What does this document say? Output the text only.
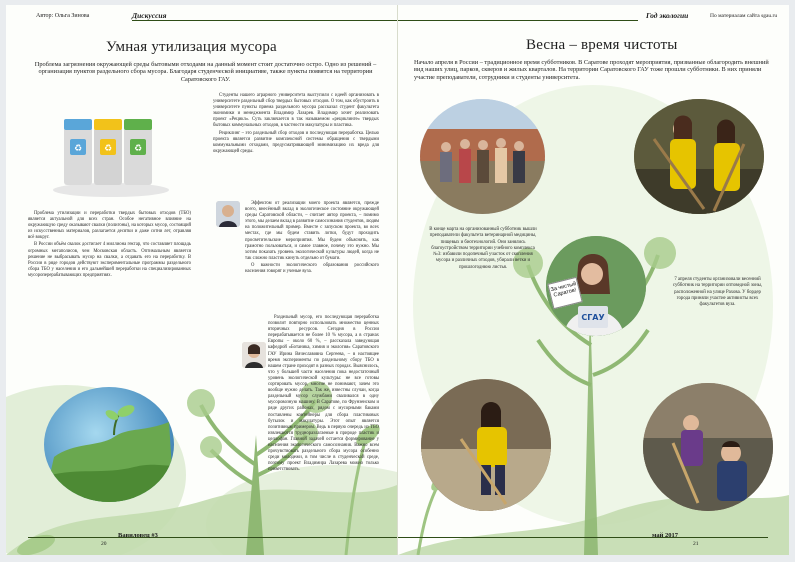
Автор: Ольга Зинова	Дискуссия
Умная утилизация мусора
Проблема загрязнения окружающей среды бытовыми отходами на данный момент стоит достаточно остро. Одно из решений – организация пунктов раздельного сбора мусора. Благодаря студенческой инициативе, также пункты появятся на территории Саратовского ГАУ.
♻ ♻ ♻

Проблема утилизации и переработки твердых бытовых отходов (ТБО) является актуальной для всех стран. Особое негативное влияние на окружающую среду оказывают свалки (полигоны), на которых мусор, состоящий из искусственных материалов, разлагается десятки и даже сотни лет, отравляя всё вокруг.

В России объём свалок достигает 4 миллиона гектар, что составляет площадь огромных мегаполисов, чем Московская область. Оптимальным является решение не выбрасывать мусор на свалки, а отдавать его на переработку. В России в ряде городов действуют экспериментальные программы раздельного сбора ТБО у населения и его дальнейшей переработки на специализированных мусороперерабатывающих предприятиях.

Студенты нашего аграрного университета выступили с идеей организовать в университете раздельный сбор твердых бытовых отходов. О том, как обустроить в университете пункты приема раздельного мусора рассказал студент факультета экономики и менеджмента Владимир Лазарев. Владимир хочет реализовать проект «Рецикл». Суть заключается в так называемом «рециклинге» твердых бытовых коммунальных отходов, в частности макулатуры и пластика.

Рециклинг – это раздельный сбор отходов и последующая переработка. Целью проекта является развитие комплексной системы обращения с твердыми коммунальными отходами, предусматривающей минимизацию их вреда для окружающей среды.

Эффектом от реализации моего проекта является, прежде всего, внесённый вклад в экологическое состояние окружающей среды Саратовской области, – считает автор проекта, – помимо этого, мы делаем вклад в развитие самосознания студентов, людям на положительный пример. Вместе с запуском проекта, во всех местах, где мы будем ставить лотки, будут проходить просветительские мероприятия. Мы будем объяснять, как грамотно пользоваться, и самое главное, почему это нужно. Мы хотим показать уровень экологической культуры людей, когда не так сложно пластик кинуть отдельно от бумаги.

О важности экологического образования российского населения говорят и ученые вуза.

Раздельный мусор, его последующая переработка позволит повторно использовать множество ценных вторичных ресурсов. Сегодня в России перерабатывается не более 10 % мусора, а в странах Европы – около 60 %, – рассказала заведующая кафедрой «Ботаника, химия и экология» Саратовского ГАУ Ирина Вячеславовна Сергеева, – в настоящее время эксперименты по раздельному сбору ТБО в нашем стране проходят в разных городах. Выяснилось, что у большей части населения пока недостаточный уровень экологической культуры: не все готовы сортировать мусор, многие не понимают, зачем это вообще нужно делать. Так же, известны случаи, когда раздельный мусор службами сваливался в одну мусоровозную машину. В Саратове, по Фрунзенском и ряде других районах, рядом с мусорными баками поставлены контейнеры для сбора пластиковых бутылок и макулатуры. Этот опыт является позитивным примером. Ведь в первую очередь из ТБО извлекаются трудноразлагаемые в природе пластик и целлофан. Главной задачей остается формирование у населения экологического самосознания. Важно всем прочувствовать раздельного сбора мусора особенно среди молодежи, в том числе в студенческой среде, поэтому проект Владимира Лазарева можно только приветствовать.

Вавиловец #3
20
Год экологии	По материалам сайта sgau.ru
Весна – время чистоты
Начало апреля в России – традиционное время субботников. В Саратове проходят мероприятия, призванные облагородить внешний вид наших улиц, парков, скверов и жилых кварталов. На территории Саратовского ГАУ тоже прошли субботники. В них приняли участие преподаватели, сотрудники и студенты университета.
В конце марта на организованный субботник вышли преподаватели факультета ветеринарной медицины, пищевых и биотехнологий. Они занялись благоустройством территории учебного комплекса №3: избавили подопечный участок от скопления мусора и различных отходов, убирали ветки и прошлогоднюю листья.
СГАУ
За чистый Саратов!
7 апреля студенты организовали весенний субботник на территории оптоведной зоны, расположенной на улице Рахова. У бордер города приняли участие активисты всех факультетов вуза.
май 2017
21
